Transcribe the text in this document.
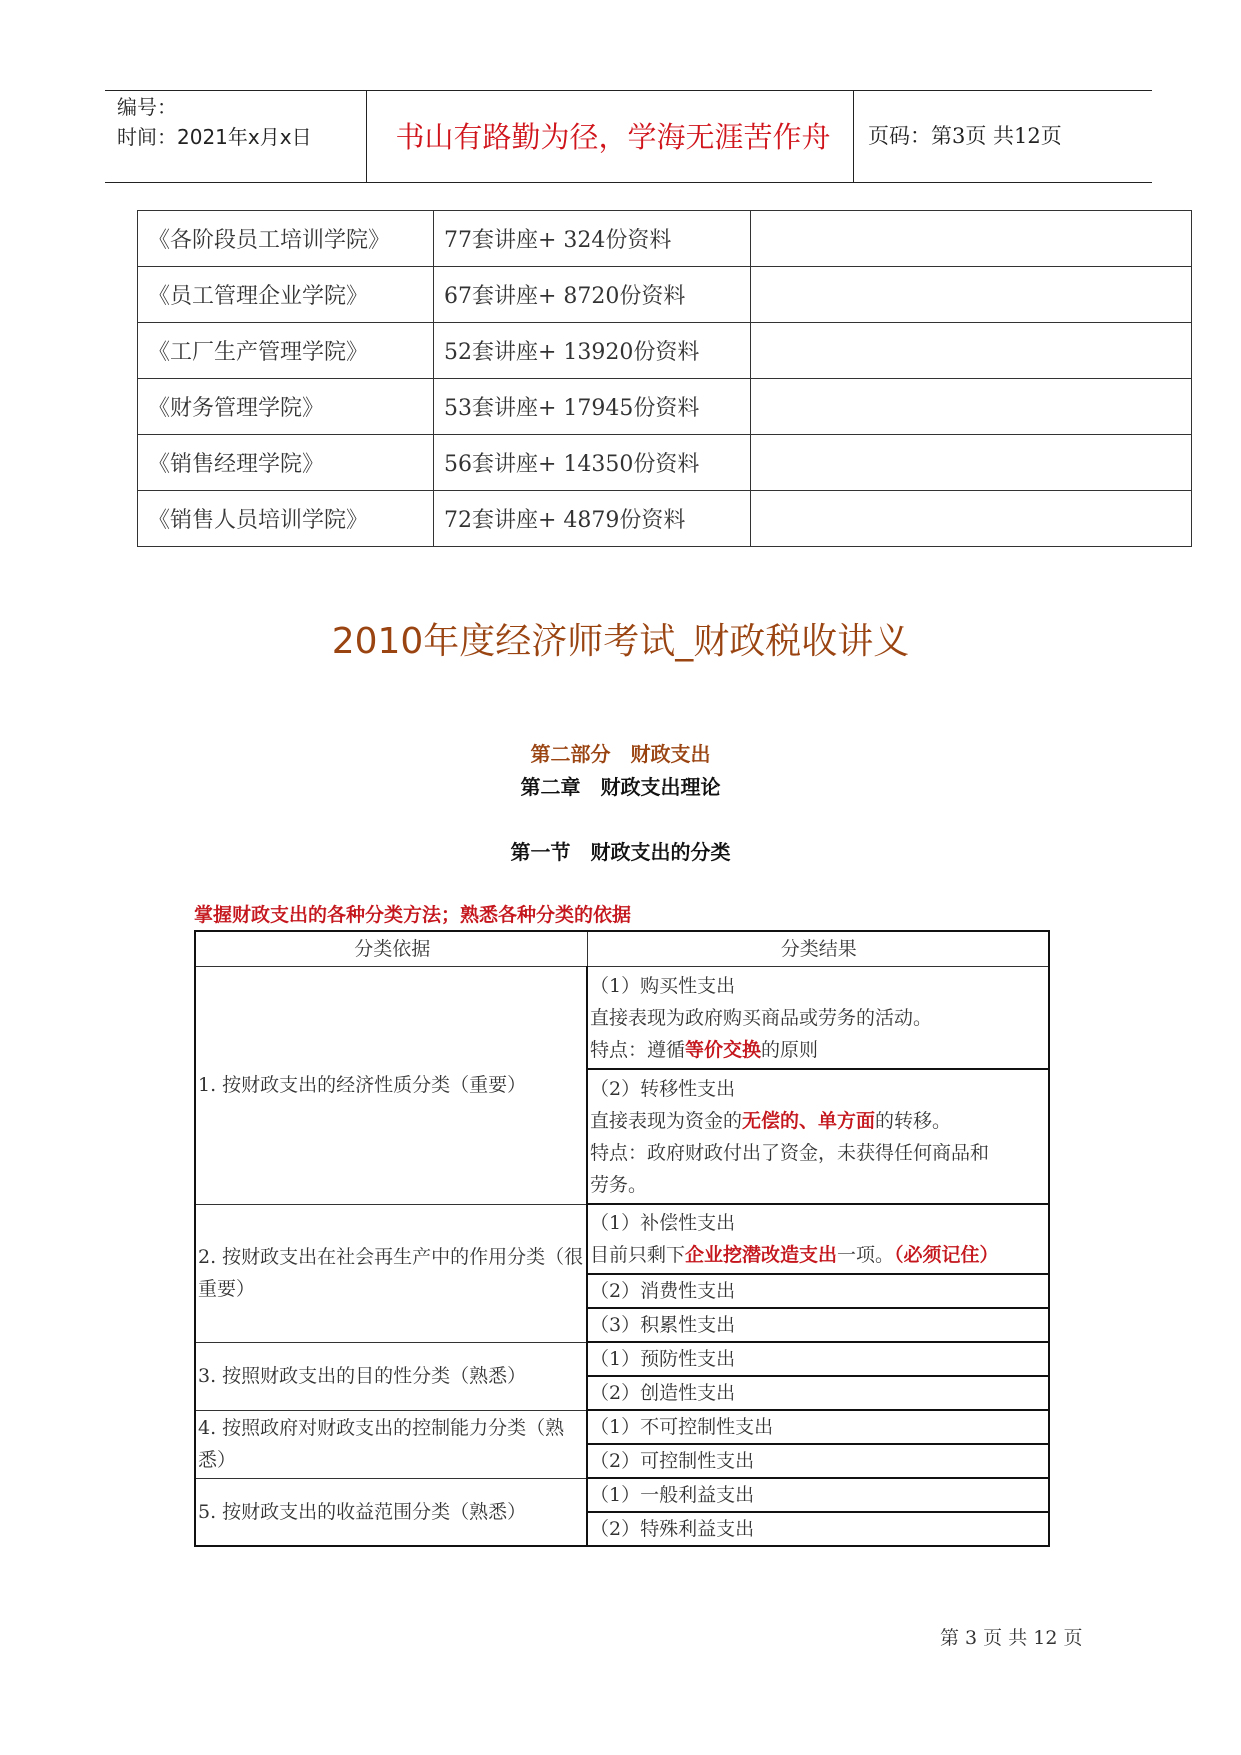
编号：
时间：2021年x月x日	书山有路勤为径，学海无涯苦作舟	页码：第3页 共12页
《各阶段员工培训学院》	77套讲座+ 324份资料	
《员工管理企业学院》	67套讲座+ 8720份资料	
《工厂生产管理学院》	52套讲座+ 13920份资料	
《财务管理学院》	53套讲座+ 17945份资料	
《销售经理学院》	56套讲座+ 14350份资料	
《销售人员培训学院》	72套讲座+ 4879份资料	
2010年度经济师考试_财政税收讲义
第二部分　财政支出
第二章　财政支出理论
第一节　财政支出的分类
掌握财政支出的各种分类方法；熟悉各种分类的依据
分类依据	分类结果
1. 按财政支出的经济性质分类（重要）	（1）购买性支出
直接表现为政府购买商品或劳务的活动。
特点：遵循等价交换的原则

	（2）转移性支出
直接表现为资金的无偿的、单方面的转移。
特点：政府财政付出了资金，未获得任何商品和
劳务。

2. 按财政支出在社会再生产中的作用分类（很重要）	（1）补偿性支出
目前只剩下企业挖潜改造支出一项。（必须记住）

	（2）消费性支出
	（3）积累性支出
3. 按照财政支出的目的性分类（熟悉）	（1）预防性支出
	（2）创造性支出
4. 按照政府对财政支出的控制能力分类（熟悉）	（1）不可控制性支出
	（2）可控制性支出
5. 按财政支出的收益范围分类（熟悉）	（1）一般利益支出
	（2）特殊利益支出
第 3 页 共 12 页
